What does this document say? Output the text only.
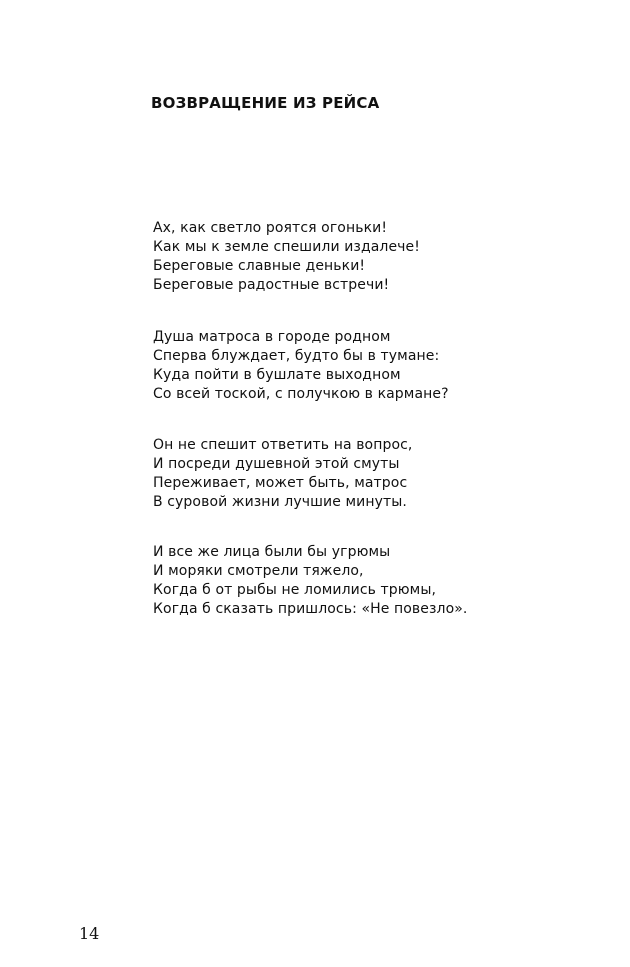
ВОЗВРАЩЕНИЕ ИЗ РЕЙСА
Ах, как светло роятся огоньки!
Как мы к земле спешили издалече!
Береговые славные деньки!
Береговые радостные встречи!
Душа матроса в городе родном
Сперва блуждает, будто бы в тумане:
Куда пойти в бушлате выходном
Со всей тоской, с получкою в кармане?
Он не спешит ответить на вопрос,
И посреди душевной этой смуты
Переживает, может быть, матрос
В суровой жизни лучшие минуты.
И все же лица были бы угрюмы
И моряки смотрели тяжело,
Когда б от рыбы не ломились трюмы,
Когда б сказать пришлось: «Не повезло».
14
